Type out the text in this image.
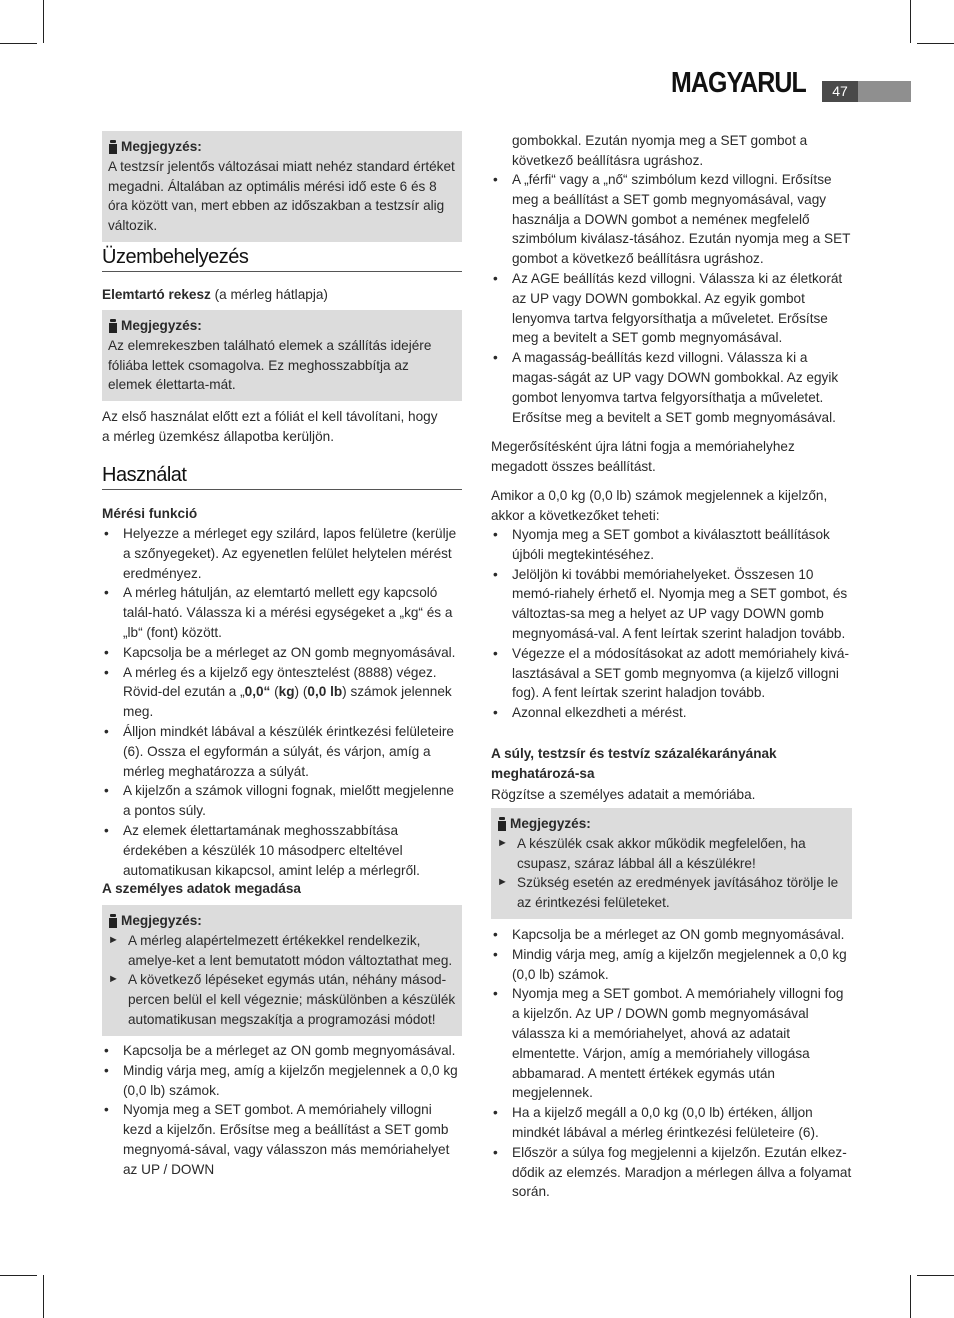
MAGYARUL	47
Megjegyzés:

A testzsír jelentős változásai miatt nehéz standard értéket megadni. Általában az optimális mérési idő este 6 és 8 óra között van, mert ebben az időszakban a testzsír alig változik.

Üzembehelyezés

Elemtartó rekesz (a mérleg hátlapja)

Megjegyzés:

Az elemrekeszben található elemek a szállítás idejére fóliába lettek csomagolva. Ez meghosszabbítja az elemek élettarta-mát.

Az első használat előtt ezt a fóliát el kell távolítani, hogy a mérleg üzemkész állapotba kerüljön.

Használat
Mérési funkció
• Helyezze a mérleget egy szilárd, lapos felületre (kerülje a szőnyegeket). Az egyenetlen felület helytelen mérést eredményez.
• A mérleg hátulján, az elemtartó mellett egy kapcsoló talál-ható. Válassza ki a mérési egységeket a „kg“ és a „lb“ (font) között.
• Kapcsolja be a mérleget az ON gomb megnyomásával.
• A mérleg és a kijelző egy öntesztelést (8888) végez. Rövid-del ezután a „0,0“ (kg) (0,0 lb) számok jelennek meg.
• Álljon mindkét lábával a készülék érintkezési felületeire (6). Ossza el egyformán a súlyát, és várjon, amíg a mérleg meghatározza a súlyát.
• A kijelzőn a számok villogni fognak, mielőtt megjelenne a pontos súly.
• Az elemek élettartamának meghosszabbítása érdekében a készülék 10 másodperc elteltével automatikusan kikapcsol, amint lelép a mérlegről.
A személyes adatok megadása
Megjegyzés:
► A mérleg alapértelmezett értékekkel rendelkezik, amelye-ket a lent bemutatott módon változtathat meg.
► A következő lépéseket egymás után, néhány másod-percen belül el kell végeznie; máskülönben a készülék automatikusan megszakítja a programozási módot!
• Kapcsolja be a mérleget az ON gomb megnyomásával.
• Mindig várja meg, amíg a kijelzőn megjelennek a 0,0 kg (0,0 lb) számok.
• Nyomja meg a SET gombot. A memóriahely villogni kezd a kijelzőn. Erősítse meg a beállítást a SET gomb megnyomá-sával, vagy válasszon más memóriahelyet az UP / DOWN

gombokkal. Ezután nyomja meg a SET gombot a következő beállításra ugráshoz.

• A „férfi“ vagy a „nő“ szimbólum kezd villogni. Erősítse meg a beállítást a SET gomb megnyomásával, vagy használja a DOWN gombot a neméneк megfelelő szimbólum kiválasz-tásához. Ezután nyomja meg a SET gombot a következő beállításra ugráshoz.
• Az AGE beállítás kezd villogni. Válassza ki az életkorát az UP vagy DOWN gombokkal. Az egyik gombot lenyomva tartva felgyorsíthatja a műveletet. Erősítse meg a bevitelt a SET gomb megnyomásával.
• A magasság-beállítás kezd villogni. Válassza ki a magas-ságát az UP vagy DOWN gombokkal. Az egyik gombot lenyomva tartva felgyorsíthatja a műveletet. Erősítse meg a bevitelt a SET gomb megnyomásával.

Megerősítésként újra látni fogja a memóriahelyhez megadott összes beállítást.

Amikor a 0,0 kg (0,0 lb) számok megjelennek a kijelzőn, akkor a következőket teheti:

• Nyomja meg a SET gombot a kiválasztott beállítások újbóli megtekintéséhez.
• Jelöljön ki további memóriahelyeket. Összesen 10 memó-riahely érhető el. Nyomja meg a SET gombot, és változtas-sa meg a helyet az UP vagy DOWN gomb megnyomásá-val. A fent leírtak szerint haladjon tovább.
• Végezze el a módosításokat az adott memóriahely kivá-lasztásával a SET gomb megnyomva (a kijelző villogni fog). A fent leírtak szerint haladjon tovább.
• Azonnal elkezdheti a mérést.
A súly, testzsír és testvíz százalékarányának meghatározá-sa

Rögzítse a személyes adatait a memóriába.

Megjegyzés:
► A készülék csak akkor működik megfelelően, ha csupasz, száraz lábbal áll a készülékre!
► Szükség esetén az eredmények javításához törölje le az érintkezési felületeket.
• Kapcsolja be a mérleget az ON gomb megnyomásával.
• Mindig várja meg, amíg a kijelzőn megjelennek a 0,0 kg (0,0 lb) számok.
• Nyomja meg a SET gombot. A memóriahely villogni fog a kijelzőn. Az UP / DOWN gomb megnyomásával válassza ki a memóriahelyet, ahová az adatait elmentette. Várjon, amíg a memóriahely villogása abbamarad. A mentett értékek egymás után megjelennek.
• Ha a kijelző megáll a 0,0 kg (0,0 lb) értéken, álljon mindkét lábával a mérleg érintkezési felületeire (6).
• Először a súlya fog megjelenni a kijelzőn. Ezután elkez-dődik az elemzés. Maradjon a mérlegen állva a folyamat során.
